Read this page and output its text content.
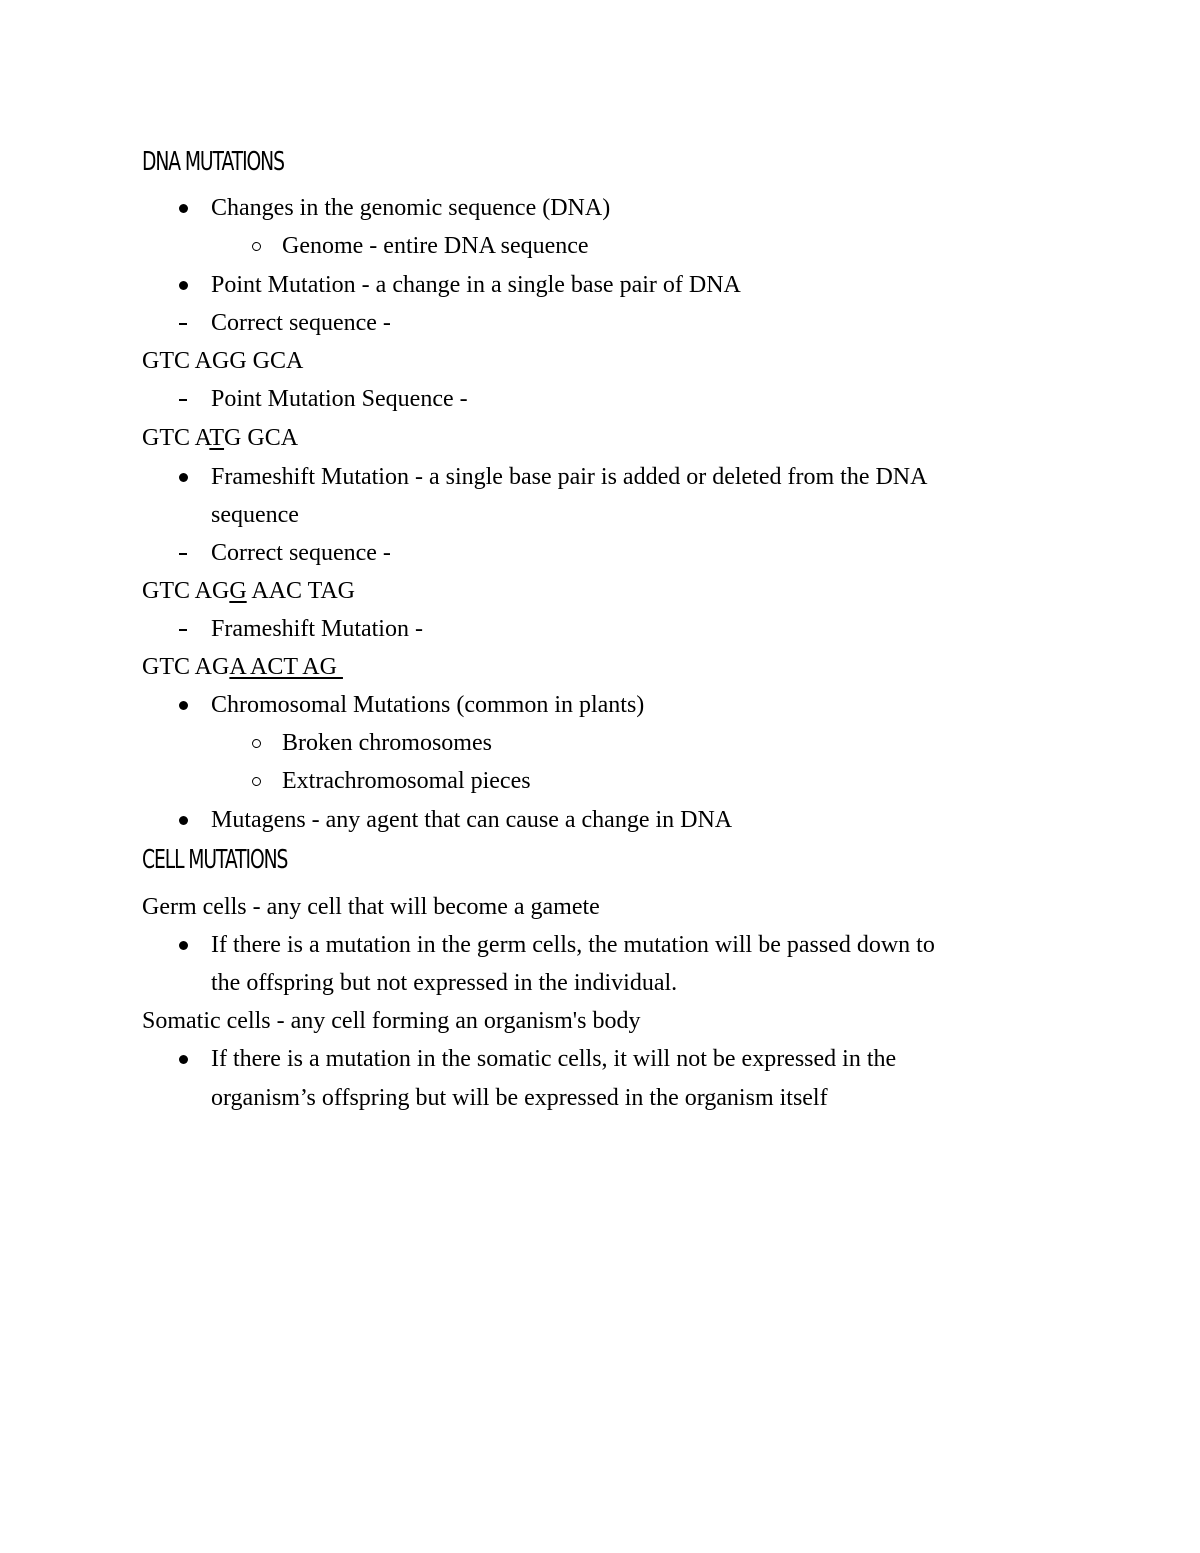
DNA MUTATIONS
Changes in the genomic sequence (DNA)
Genome - entire DNA sequence
Point Mutation - a change in a single base pair of DNA
Correct sequence -
GTC AGG GCA
Point Mutation Sequence -
GTC ATG GCA
Frameshift Mutation - a single base pair is added or deleted from the DNA
sequence
Correct sequence -
GTC AGG AAC TAG
Frameshift Mutation -
GTC AGA ACT AG
Chromosomal Mutations (common in plants)
Broken chromosomes
Extrachromosomal pieces
Mutagens - any agent that can cause a change in DNA
CELL MUTATIONS
Germ cells - any cell that will become a gamete
If there is a mutation in the germ cells, the mutation will be passed down to
the offspring but not expressed in the individual.
Somatic cells - any cell forming an organism's body
If there is a mutation in the somatic cells, it will not be expressed in the
organism’s offspring but will be expressed in the organism itself
